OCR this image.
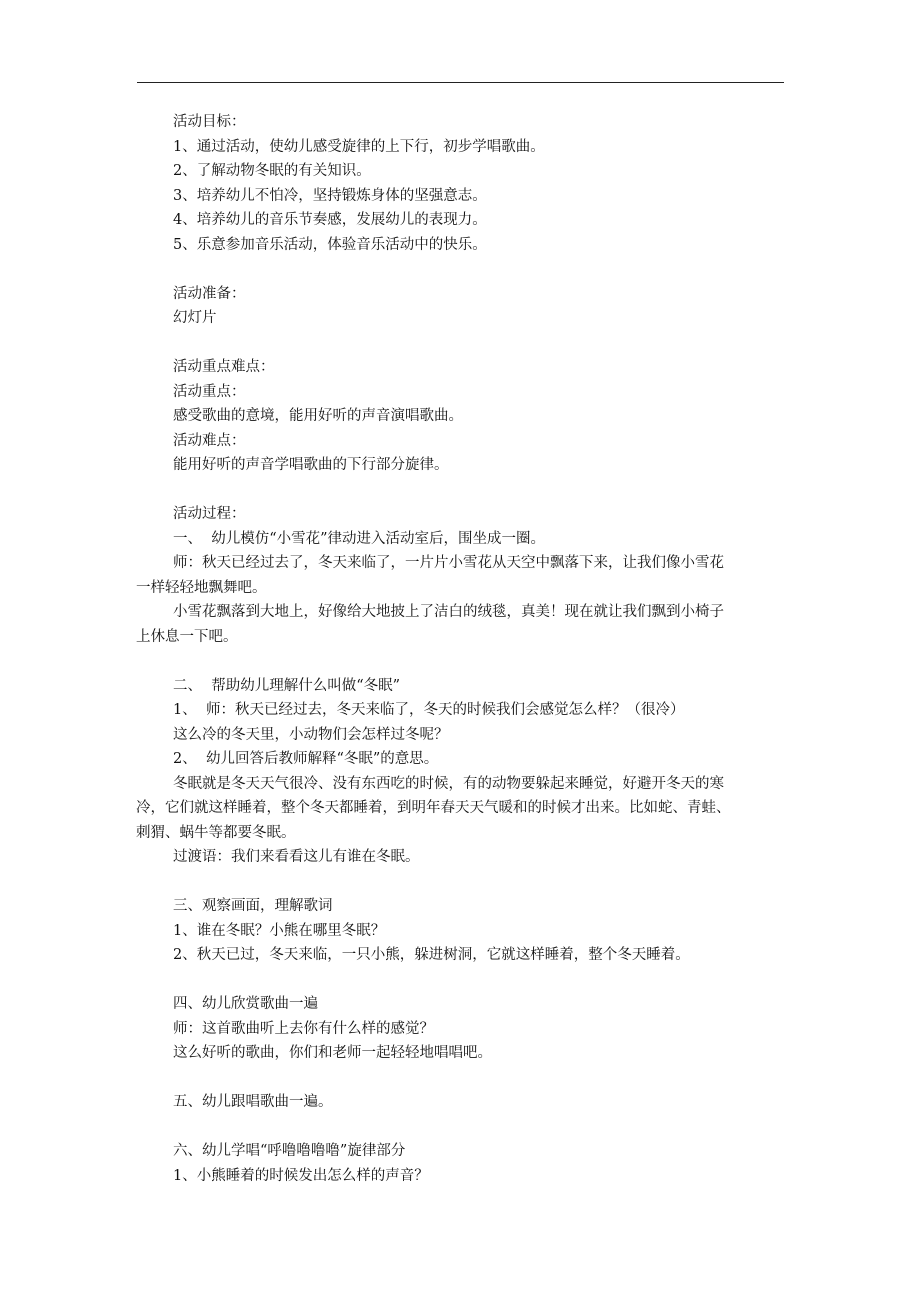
活动目标：

1、通过活动，使幼儿感受旋律的上下行，初步学唱歌曲。

2、了解动物冬眠的有关知识。

3、培养幼儿不怕冷，坚持锻炼身体的坚强意志。

4、培养幼儿的音乐节奏感，发展幼儿的表现力。

5、乐意参加音乐活动，体验音乐活动中的快乐。

活动准备：

幻灯片

活动重点难点：

活动重点：

感受歌曲的意境，能用好听的声音演唱歌曲。

活动难点：

能用好听的声音学唱歌曲的下行部分旋律。

活动过程：

一、  幼儿模仿“小雪花”律动进入活动室后，围坐成一圈。

师：秋天已经过去了，冬天来临了，一片片小雪花从天空中飘落下来，让我们像小雪花

一样轻轻地飘舞吧。

小雪花飘落到大地上，好像给大地披上了洁白的绒毯，真美！现在就让我们飘到小椅子

上休息一下吧。

二、  帮助幼儿理解什么叫做“冬眠”

1、  师：秋天已经过去，冬天来临了，冬天的时候我们会感觉怎么样？（很冷）

这么冷的冬天里，小动物们会怎样过冬呢？

2、  幼儿回答后教师解释“冬眠”的意思。

冬眠就是冬天天气很冷、没有东西吃的时候，有的动物要躲起来睡觉，好避开冬天的寒

冷，它们就这样睡着，整个冬天都睡着，到明年春天天气暖和的时候才出来。比如蛇、青蛙、

刺猬、蜗牛等都要冬眠。

过渡语：我们来看看这儿有谁在冬眠。

三、观察画面，理解歌词

1、谁在冬眠？小熊在哪里冬眠？

2、秋天已过，冬天来临，一只小熊，躲进树洞，它就这样睡着，整个冬天睡着。

四、幼儿欣赏歌曲一遍

师：这首歌曲听上去你有什么样的感觉？

这么好听的歌曲，你们和老师一起轻轻地唱唱吧。

五、幼儿跟唱歌曲一遍。

六、幼儿学唱“呼噜噜噜噜”旋律部分

1、小熊睡着的时候发出怎么样的声音？
